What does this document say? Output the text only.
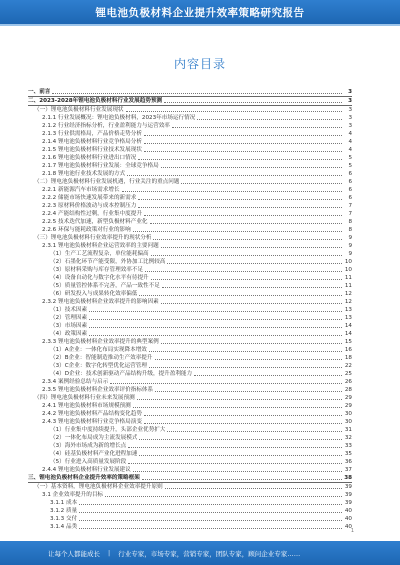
锂电池负极材料企业提升效率策略研究报告
内容目录
一、前言	3
二、2023-2028年锂电池负极材料行业发展趋势预测	3
（一）锂电池负极材料行业发展现状	3
2.1.1 行业发展概况：锂电池负极材料，2023年市场运行情况	3
2.1.2 行业经济指标分析，行业盈利能力与运营效率	3
2.1.3 行业供需格局，产品价格走势分析	4
2.1.4 锂电池负极材料行业竞争格局分析	4
2.1.5 锂电池负极材料行业技术发展现状	4
2.1.6 锂电池负极材料行业进出口情况	5
2.1.7 锂电池负极材料行业发展：全球竞争格局	5
2.1.8 锂电池行业技术发展的方式	6
（二）锂电池负极材料行业发展机遇，行业关注的重点问题	6
2.2.1 新能源汽车市场需求增长	6
2.2.2 储能市场快速发展带来的新需求	6
2.2.3 原材料价格波动与成本控制压力	7
2.2.4 产能结构性过剩，行业集中度提升	7
2.2.5 技术迭代加速，新型负极材料产业化	8
2.2.6 环保与能耗政策对行业的影响	8
（三）锂电池负极材料行业效率提升的现状分析	9
2.3.1 锂电池负极材料企业运营效率的主要问题	9
（1）生产工艺流程复杂，单位能耗偏高	9
（2）石墨化环节产能受限，外协加工比例较高	10
（3）原材料采购与库存管理效率不足	10
（4）设备自动化与数字化水平有待提升	11
（5）质量管控体系不完善，产品一致性不足	11
（6）研发投入与成果转化效率偏低	12
2.3.2 锂电池负极材料企业效率提升的影响因素	12
（1）技术因素	13
（2）管理因素	13
（3）市场因素	14
（4）政策因素	14
2.3.3 锂电池负极材料企业效率提升的典型案例	15
（1）A企业：一体化布局实现降本增效	16
（2）B企业：智能制造推动生产效率提升	18
（3）C企业：数字化转型优化运营管理	22
（4）D企业：技术创新驱动产品结构升级，提升盈利能力	25
2.3.4 案例经验总结与启示	26
2.3.5 锂电池负极材料企业效率评价指标体系	28
（四）锂电池负极材料行业未来发展预测	29
2.4.1 锂电池负极材料市场规模预测	29
2.4.2 锂电池负极材料产品结构变化趋势	30
2.4.3 锂电池负极材料行业竞争格局演变	30
（1）行业集中度持续提升，头部企业优势扩大	31
（2）一体化布局成为主流发展模式	32
（3）海外市场成为新的增长点	33
（4）硅基负极材料产业化进程加速	35
（5）行业进入高质量发展阶段	36
2.4.4 锂电池负极材料行业发展建议	37
三、锂电池负极材料企业提升效率的策略框架	38
（一）基本资料，锂电池负极材料企业效率提升原则	39
3.1 企业效率提升的目标	39
3.1.1 成本	39
3.1.2 质量	40
3.1.3 交付	40
3.1.4 品类	40
1
让每个人都能成长 | 行业专家，市场专家，营销专家，团队专家，顾问企业专家……
